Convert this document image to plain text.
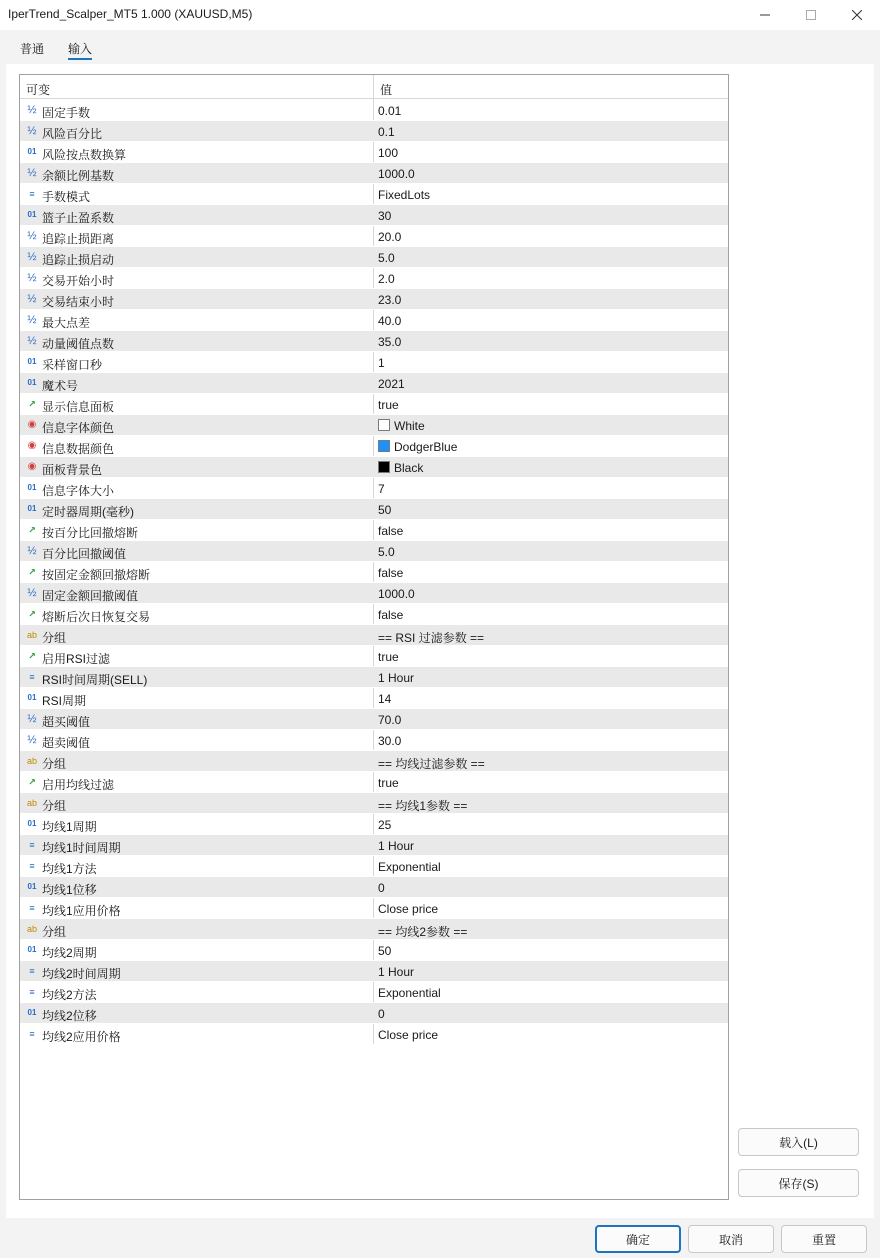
IperTrend_Scalper_MT5 1.000 (XAUUSD,M5)
普通 输入
可变	值
½ 固定手数	0.01
½ 风险百分比	0.1
01 风险按点数换算	100
½ 余额比例基数	1000.0
≡ 手数模式	FixedLots
01 篮子止盈系数	30
½ 追踪止损距离	20.0
½ 追踪止损启动	5.0
½ 交易开始小时	2.0
½ 交易结束小时	23.0
½ 最大点差	40.0
½ 动量阈值点数	35.0
01 采样窗口秒	1
01 魔术号	2021
↗ 显示信息面板	true
◉ 信息字体颜色	White
◉ 信息数据颜色	DodgerBlue
◉ 面板背景色	Black
01 信息字体大小	7
01 定时器周期(毫秒)	50
↗ 按百分比回撤熔断	false
½ 百分比回撤阈值	5.0
↗ 按固定金额回撤熔断	false
½ 固定金额回撤阈值	1000.0
↗ 熔断后次日恢复交易	false
ab 分组	== RSI 过滤参数 ==
↗ 启用RSI过滤	true
≡ RSI时间周期(SELL)	1 Hour
01 RSI周期	14
½ 超买阈值	70.0
½ 超卖阈值	30.0
ab 分组	== 均线过滤参数 ==
↗ 启用均线过滤	true
ab 分组	== 均线1参数 ==
01 均线1周期	25
≡ 均线1时间周期	1 Hour
≡ 均线1方法	Exponential
01 均线1位移	0
≡ 均线1应用价格	Close price
ab 分组	== 均线2参数 ==
01 均线2周期	50
≡ 均线2时间周期	1 Hour
≡ 均线2方法	Exponential
01 均线2位移	0
≡ 均线2应用价格	Close price
载入(L)
保存(S)
确定	取消	重置
